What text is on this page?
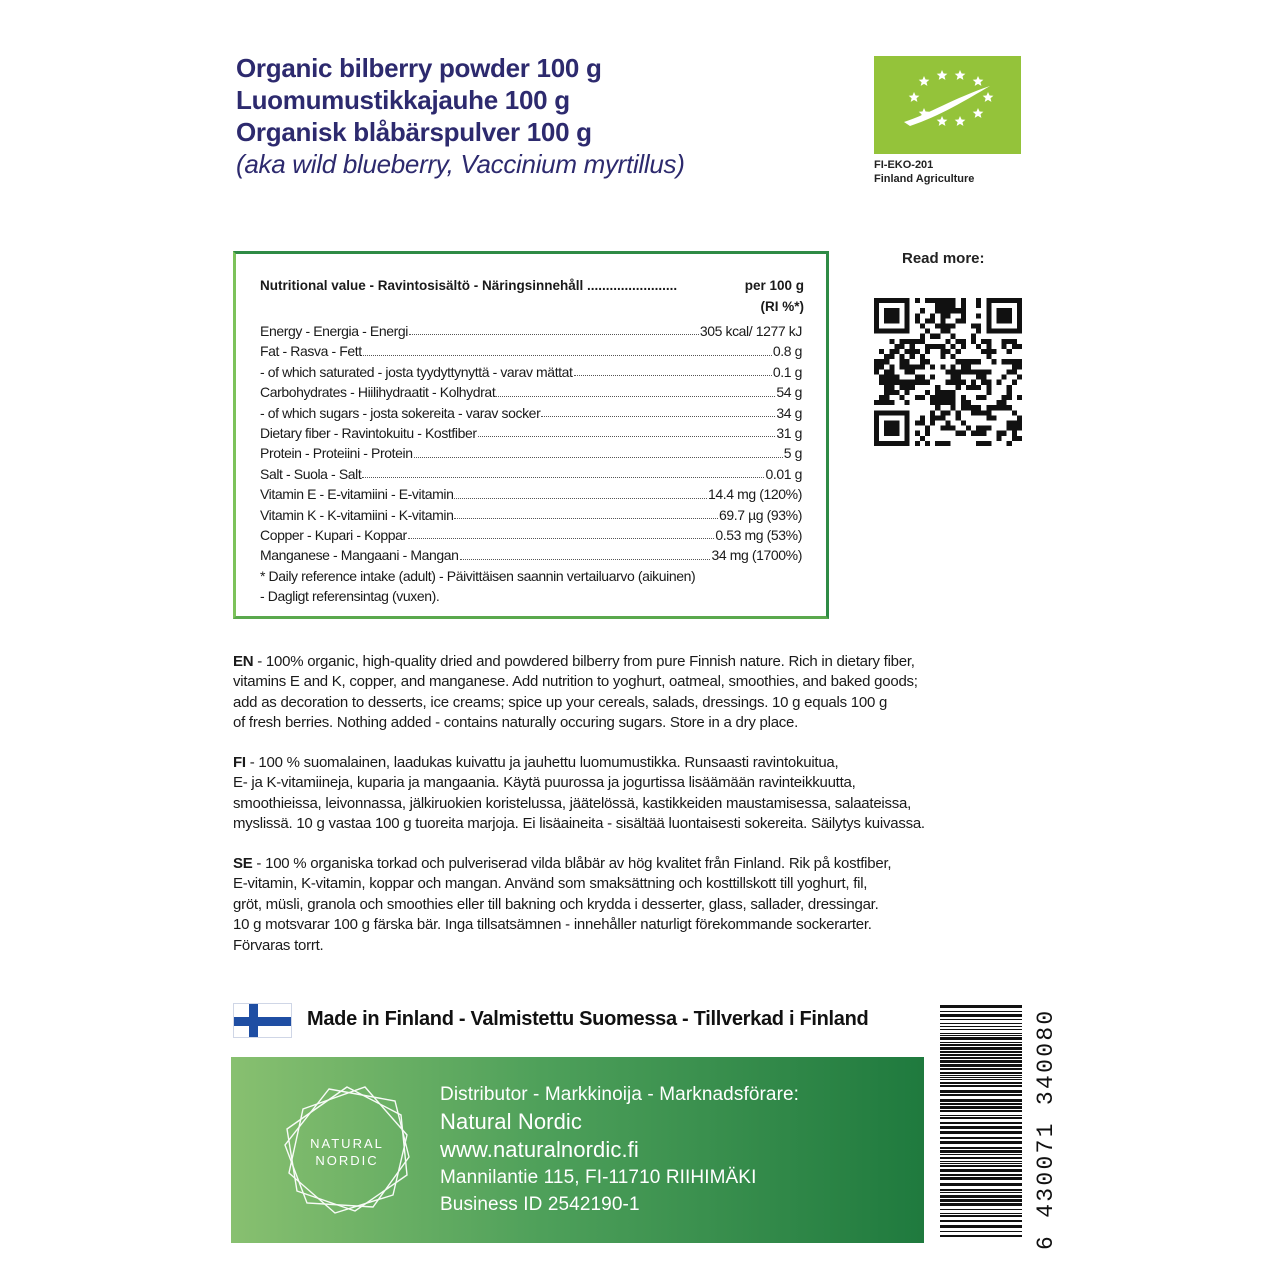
Organic bilberry powder 100 g
Luomumustikkajauhe 100 g
Organisk blåbärspulver 100 g
(aka wild blueberry, Vaccinium myrtillus)	FI-EKO-201
Finland Agriculture
Read more:
Nutritional value - Ravintosisältö - Näringsinnehåll ........................	per 100 g
(RI %*)
Energy - Energia - Energi	305 kcal/ 1277 kJ
Fat - Rasva - Fett	0.8 g
- of which saturated - josta tyydyttynyttä - varav mättat	0.1 g
Carbohydrates - Hiilihydraatit - Kolhydrat	54 g
- of which sugars - josta sokereita - varav socker	34 g
Dietary fiber - Ravintokuitu - Kostfiber	31 g
Protein - Proteiini - Protein	5 g
Salt - Suola - Salt	0.01 g
Vitamin E - E-vitamiini - E-vitamin	14.4 mg (120%)
Vitamin K - K-vitamiini - K-vitamin	69.7 µg (93%)
Copper - Kupari - Koppar	0.53 mg (53%)
Manganese - Mangaani - Mangan	34 mg (1700%)
* Daily reference intake (adult) - Päivittäisen saannin vertailuarvo (aikuinen)
- Dagligt referensintag (vuxen).
EN - 100% organic, high-quality dried and powdered bilberry from pure Finnish nature. Rich in dietary fiber,
vitamins E and K, copper, and manganese. Add nutrition to yoghurt, oatmeal, smoothies, and baked goods;
add as decoration to desserts, ice creams; spice up your cereals, salads, dressings. 10 g equals 100 g
of fresh berries. Nothing added - contains naturally occuring sugars. Store in a dry place.
FI - 100 % suomalainen, laadukas kuivattu ja jauhettu luomumustikka. Runsaasti ravintokuitua,
E- ja K-vitamiineja, kuparia ja mangaania. Käytä puurossa ja jogurtissa lisäämään ravinteikkuutta,
smoothieissa, leivonnassa, jälkiruokien koristelussa, jäätelössä, kastikkeiden maustamisessa, salaateissa,
myslissä. 10 g vastaa 100 g tuoreita marjoja. Ei lisäaineita - sisältää luontaisesti sokereita. Säilytys kuivassa.
SE - 100 % organiska torkad och pulveriserad vilda blåbär av hög kvalitet från Finland. Rik på kostfiber,
E-vitamin, K-vitamin, koppar och mangan. Använd som smaksättning och kosttillskott till yoghurt, fil,
gröt, müsli, granola och smoothies eller till bakning och krydda i desserter, glass, sallader, dressingar.
10 g motsvarar 100 g färska bär. Inga tillsatsämnen - innehåller naturligt förekommande sockerarter.
Förvaras torrt.
Made in Finland - Valmistettu Suomessa - Tillverkad i Finland
NATURAL
NORDIC
Distributor - Markkinoija - Marknadsförare:
Natural Nordic
www.naturalnordic.fi
Mannilantie 115, FI-11710 RIIHIMÄKI
Business ID 2542190-1	6 430071 340080
